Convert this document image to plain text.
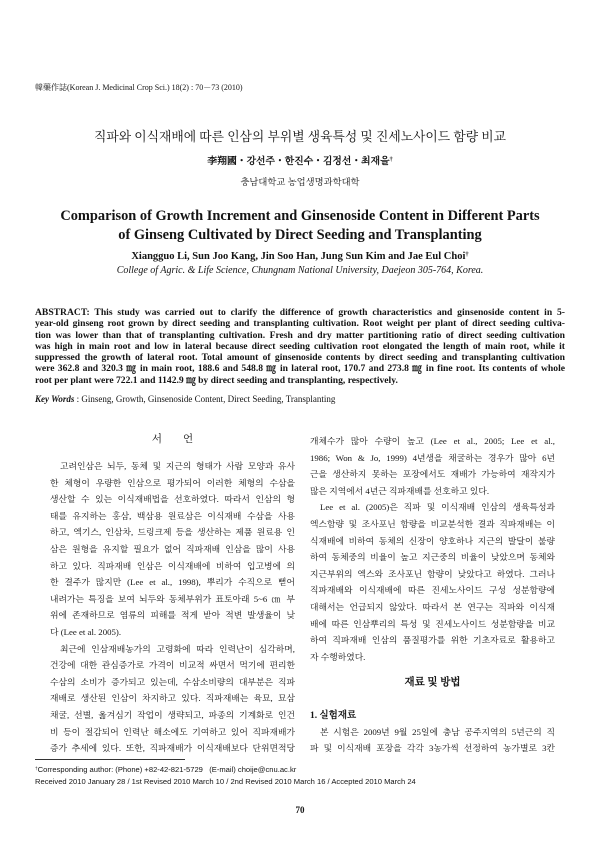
韓藥作誌(Korean J. Medicinal Crop Sci.) 18(2) : 70－73 (2010)
직파와 이식재배에 따른 인삼의 부위별 생육특성 및 진세노사이드 함량 비교
李翔國・강선주・한진수・김정선・최재을†
충남대학교 농업생명과학대학
Comparison of Growth Increment and Ginsenoside Content in Different Parts
of Ginseng Cultivated by Direct Seeding and Transplanting
Xiangguo Li, Sun Joo Kang, Jin Soo Han, Jung Sun Kim and Jae Eul Choi†
College of Agric. & Life Science, Chungnam National University, Daejeon 305-764, Korea.
ABSTRACT: This study was carried out to clarify the difference of growth characteristics and ginsenoside content in 5-
year-old ginseng root grown by direct seeding and transplanting cultivation. Root weight per plant of direct seeding cultiva-
tion was lower than that of transplanting cultivation. Fresh and dry matter partitioning ratio of direct seeding cultivation
was high in main root and low in lateral because direct seeding cultivation root elongated the length of main root, while it
suppressed the growth of lateral root. Total amount of ginsenoside contents by direct seeding and transplanting cultivation
were 362.8 and 320.3 ㎎ in main root, 188.6 and 548.8 ㎎ in lateral root, 170.7 and 273.8 ㎎ in fine root. Its contents of whole
root per plant were 722.1 and 1142.9 ㎎ by direct seeding and transplanting, respectively.
Key Words : Ginseng, Growth, Ginsenoside Content, Direct Seeding, Transplanting
서　　언
고려인삼은 뇌두, 동체 및 지근의 형태가 사람 모양과 유사
한 체형이 우량한 인삼으로 평가되어 이러한 체형의 수삼을
생산할 수 있는 이식재배법을 선호하였다. 따라서 인삼의 형
태를 유지하는 홍삼, 백삼용 원료삼은 이식재배 수삼을 사용
하고, 엑기스, 인삼차, 드링크제 등을 생산하는 제품 원료용 인
삼은 원형을 유지할 필요가 없어 직파재배 인삼을 많이 사용
하고 있다. 직파재배 인삼은 이식재배에 비하여 입고병에 의
한 결주가 많지만 (Lee et al., 1998), 뿌리가 수직으로 뻗어
내려가는 특징을 보여 뇌두와 동체부위가 표토아래 5~6 ㎝ 부
위에 존재하므로 염류의 피해를 적게 받아 적변 발생율이 낮
다 (Lee et al. 2005).
최근에 인삼재배농가의 고령화에 따라 인력난이 심각하며,
건강에 대한 관심증가로 가격이 비교적 싸면서 먹기에 편리한
수삼의 소비가 증가되고 있는데, 수삼소비량의 대부분은 직파
재배로 생산된 인삼이 차지하고 있다. 직파재배는 육묘, 묘삼
채굴, 선별, 옮겨심기 작업이 생략되고, 파종의 기계화로 인건
비 등이 절감되어 인력난 해소에도 기여하고 있어 직파재배가
증가 추세에 있다. 또한, 직파재배가 이식재배보다 단위면적당
개체수가 많아 수량이 높고 (Lee et al., 2005; Lee et al.,
1986; Won & Jo, 1999) 4년생을 채굴하는 경우가 많아 6년
근을 생산하지 못하는 포장에서도 재배가 가능하여 재작지가
많은 지역에서 4년근 직파재배를 선호하고 있다.
Lee et al. (2005)은 직파 및 이식재배 인삼의 생육특성과
엑스함량 및 조사포닌 함량을 비교분석한 결과 직파재배는 이
식재배에 비하여 동체의 신장이 양호하나 지근의 발달이 불량
하여 동체중의 비율이 높고 지근중의 비율이 낮았으며 동체와
지근부위의 엑스와 조사포닌 함량이 낮았다고 하였다. 그러나
직파재배와 이식재배에 따른 진세노사이드 구성 성분함량에
대해서는 언급되지 않았다. 따라서 본 연구는 직파와 이식재
배에 따른 인삼뿌리의 특성 및 진세노사이드 성분함량을 비교
하여 직파재배 인삼의 품질평가를 위한 기초자료로 활용하고
자 수행하였다.
재료 및 방법
1. 실험재료
본 시험은 2009년 9월 25일에 충남 공주지역의 5년근의 직
파 및 이식재배 포장을 각각 3농가씩 선정하여 농가별로 3칸
†Corresponding author: (Phone) +82-42-821-5729   (E-mail) choije@cnu.ac.kr
Received 2010 January 28 / 1st Revised 2010 March 10 / 2nd Revised 2010 March 16 / Accepted 2010 March 24
70
